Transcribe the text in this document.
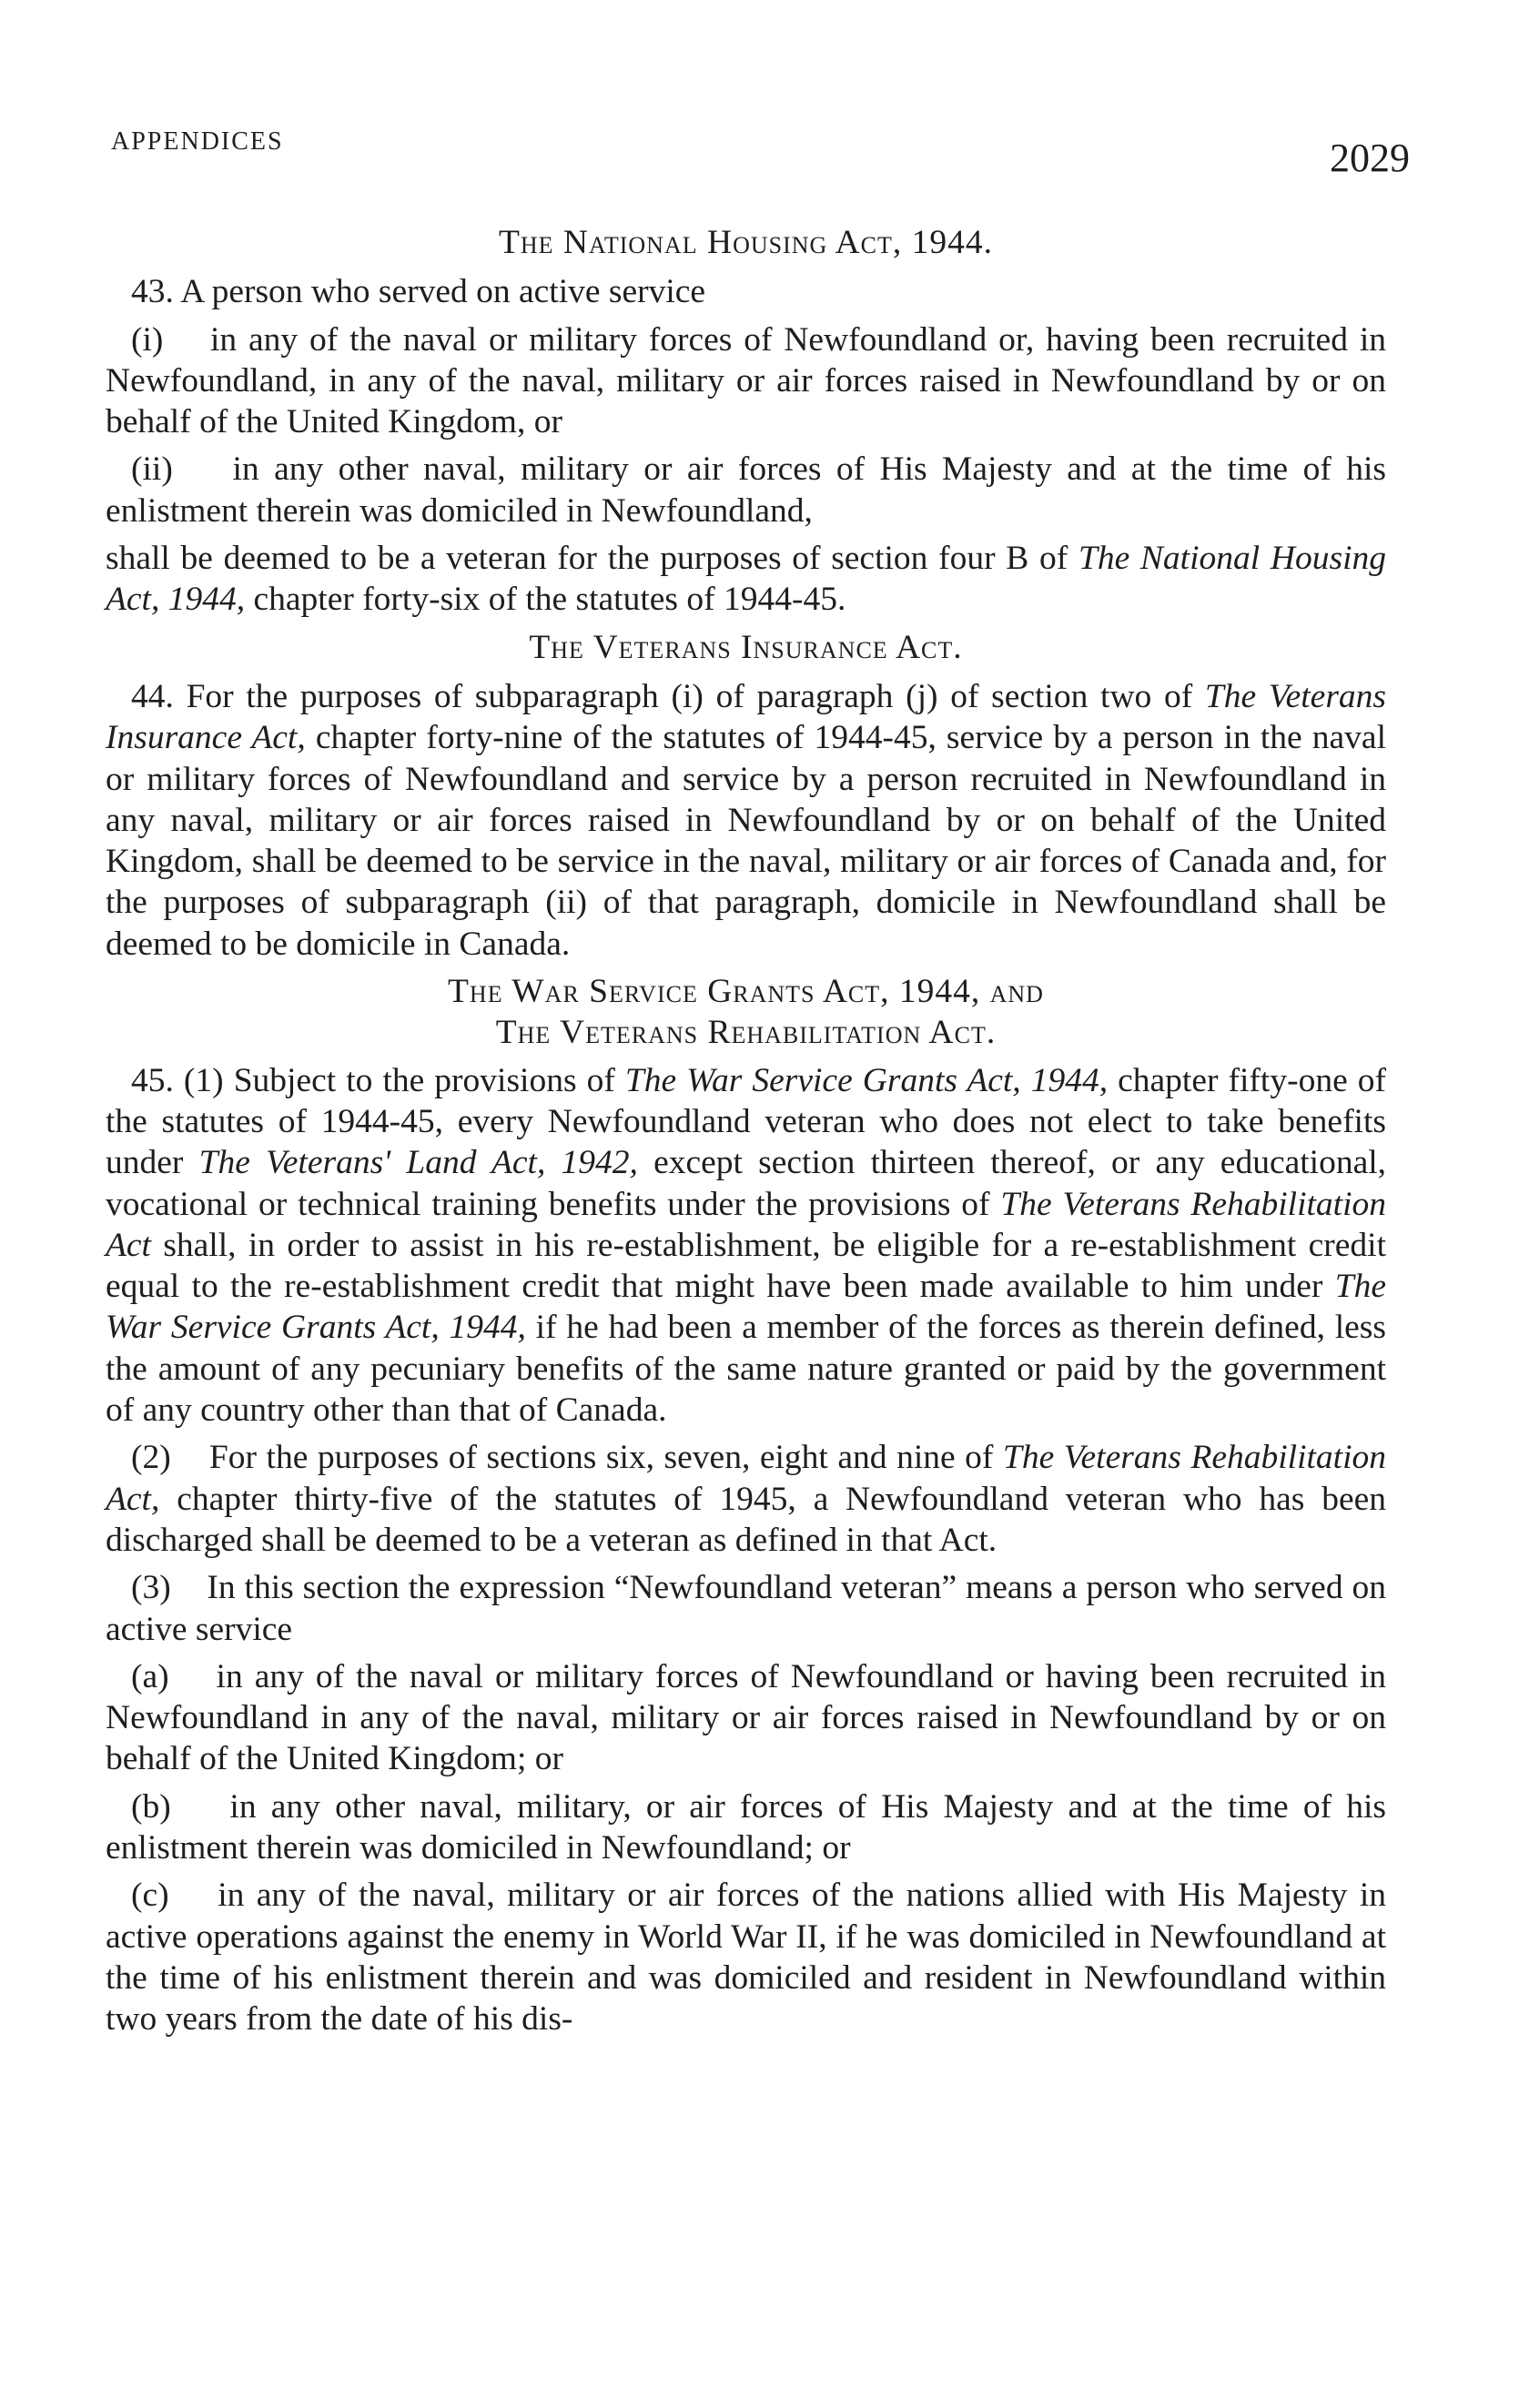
APPENDICES	2029

The National Housing Act, 1944.

43. A person who served on active service

(i) in any of the naval or military forces of Newfoundland or, having been recruited in Newfoundland, in any of the naval, military or air forces raised in Newfoundland by or on behalf of the United Kingdom, or

(ii) in any other naval, military or air forces of His Majesty and at the time of his enlistment therein was domiciled in Newfoundland,

shall be deemed to be a veteran for the purposes of section four B of The National Housing Act, 1944, chapter forty-six of the statutes of 1944-45.

The Veterans Insurance Act.

44. For the purposes of subparagraph (i) of paragraph (j) of section two of The Veterans Insurance Act, chapter forty-nine of the statutes of 1944-45, service by a person in the naval or military forces of Newfoundland and service by a person recruited in Newfoundland in any naval, military or air forces raised in Newfoundland by or on behalf of the United Kingdom, shall be deemed to be service in the naval, military or air forces of Canada and, for the purposes of subparagraph (ii) of that paragraph, domicile in Newfoundland shall be deemed to be domicile in Canada.

The War Service Grants Act, 1944, and
The Veterans Rehabilitation Act.

45. (1) Subject to the provisions of The War Service Grants Act, 1944, chapter fifty-one of the statutes of 1944-45, every Newfoundland veteran who does not elect to take benefits under The Veterans' Land Act, 1942, except section thirteen thereof, or any educational, vocational or technical training benefits under the provisions of The Veterans Rehabilitation Act shall, in order to assist in his re-establishment, be eligible for a re-establishment credit equal to the re-establishment credit that might have been made available to him under The War Service Grants Act, 1944, if he had been a member of the forces as therein defined, less the amount of any pecuniary benefits of the same nature granted or paid by the government of any country other than that of Canada.

(2) For the purposes of sections six, seven, eight and nine of The Veterans Rehabilitation Act, chapter thirty-five of the statutes of 1945, a Newfoundland veteran who has been discharged shall be deemed to be a veteran as defined in that Act.

(3) In this section the expression “Newfoundland veteran” means a person who served on active service

(a) in any of the naval or military forces of Newfoundland or having been recruited in Newfoundland in any of the naval, military or air forces raised in Newfoundland by or on behalf of the United Kingdom; or

(b) in any other naval, military, or air forces of His Majesty and at the time of his enlistment therein was domiciled in Newfoundland; or

(c) in any of the naval, military or air forces of the nations allied with His Majesty in active operations against the enemy in World War II, if he was domiciled in Newfoundland at the time of his enlistment therein and was domiciled and resident in Newfoundland within two years from the date of his dis-
